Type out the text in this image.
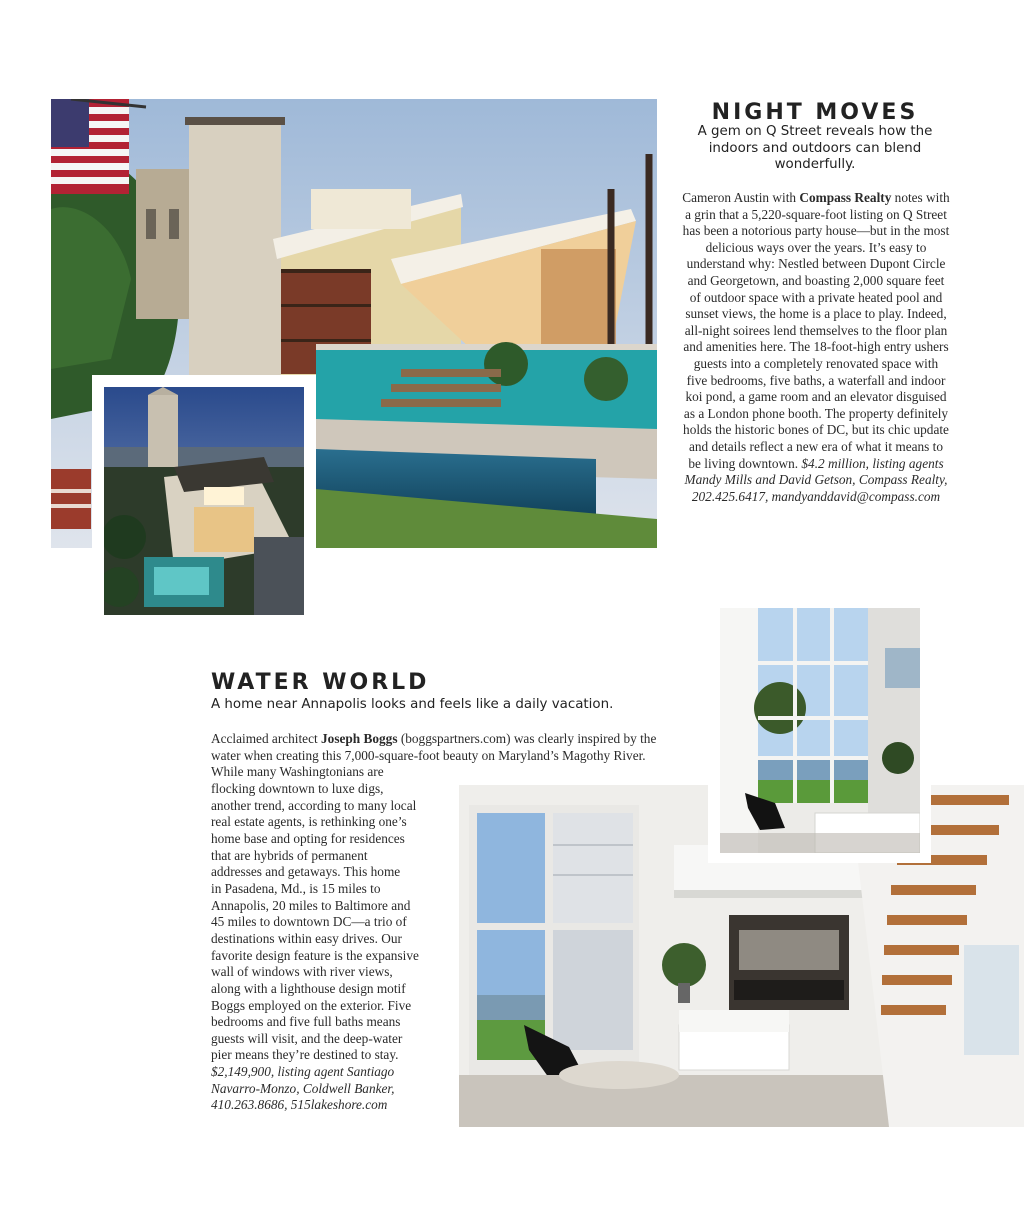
NIGHT MOVES
A gem on Q Street reveals how the indoors and outdoors can blend wonderfully.
Cameron Austin with Compass Realty notes with a grin that a 5,220-square-foot listing on Q Street has been a notorious party house—but in the most delicious ways over the years. It’s easy to understand why: Nestled between Dupont Circle and Georgetown, and boasting 2,000 square feet of outdoor space with a private heated pool and sunset views, the home is a place to play. Indeed, all-night soirees lend themselves to the floor plan and amenities here. The 18-foot-high entry ushers guests into a completely renovated space with five bedrooms, five baths, a waterfall and indoor koi pond, a game room and an elevator disguised as a London phone booth. The property definitely holds the historic bones of DC, but its chic update and details reflect a new era of what it means to be living downtown. $4.2 million, listing agents Mandy Mills and David Getson, Compass Realty, 202.425.6417, mandyanddavid@compass.com
WATER WORLD
A home near Annapolis looks and feels like a daily vacation.
Acclaimed architect Joseph Boggs (boggspartners.com) was clearly inspired by the
water when creating this 7,000-square-foot beauty on Maryland’s Magothy River.
While many Washingtonians are
flocking downtown to luxe digs,
another trend, according to many local
real estate agents, is rethinking one’s
home base and opting for residences
that are hybrids of permanent
addresses and getaways. This home
in Pasadena, Md., is 15 miles to
Annapolis, 20 miles to Baltimore and
45 miles to downtown DC—a trio of
destinations within easy drives. Our
favorite design feature is the expansive
wall of windows with river views,
along with a lighthouse design motif
Boggs employed on the exterior. Five
bedrooms and five full baths means
guests will visit, and the deep-water
pier means they’re destined to stay.
$2,149,900, listing agent Santiago
Navarro-Monzo, Coldwell Banker,
410.263.8686, 515lakeshore.com
